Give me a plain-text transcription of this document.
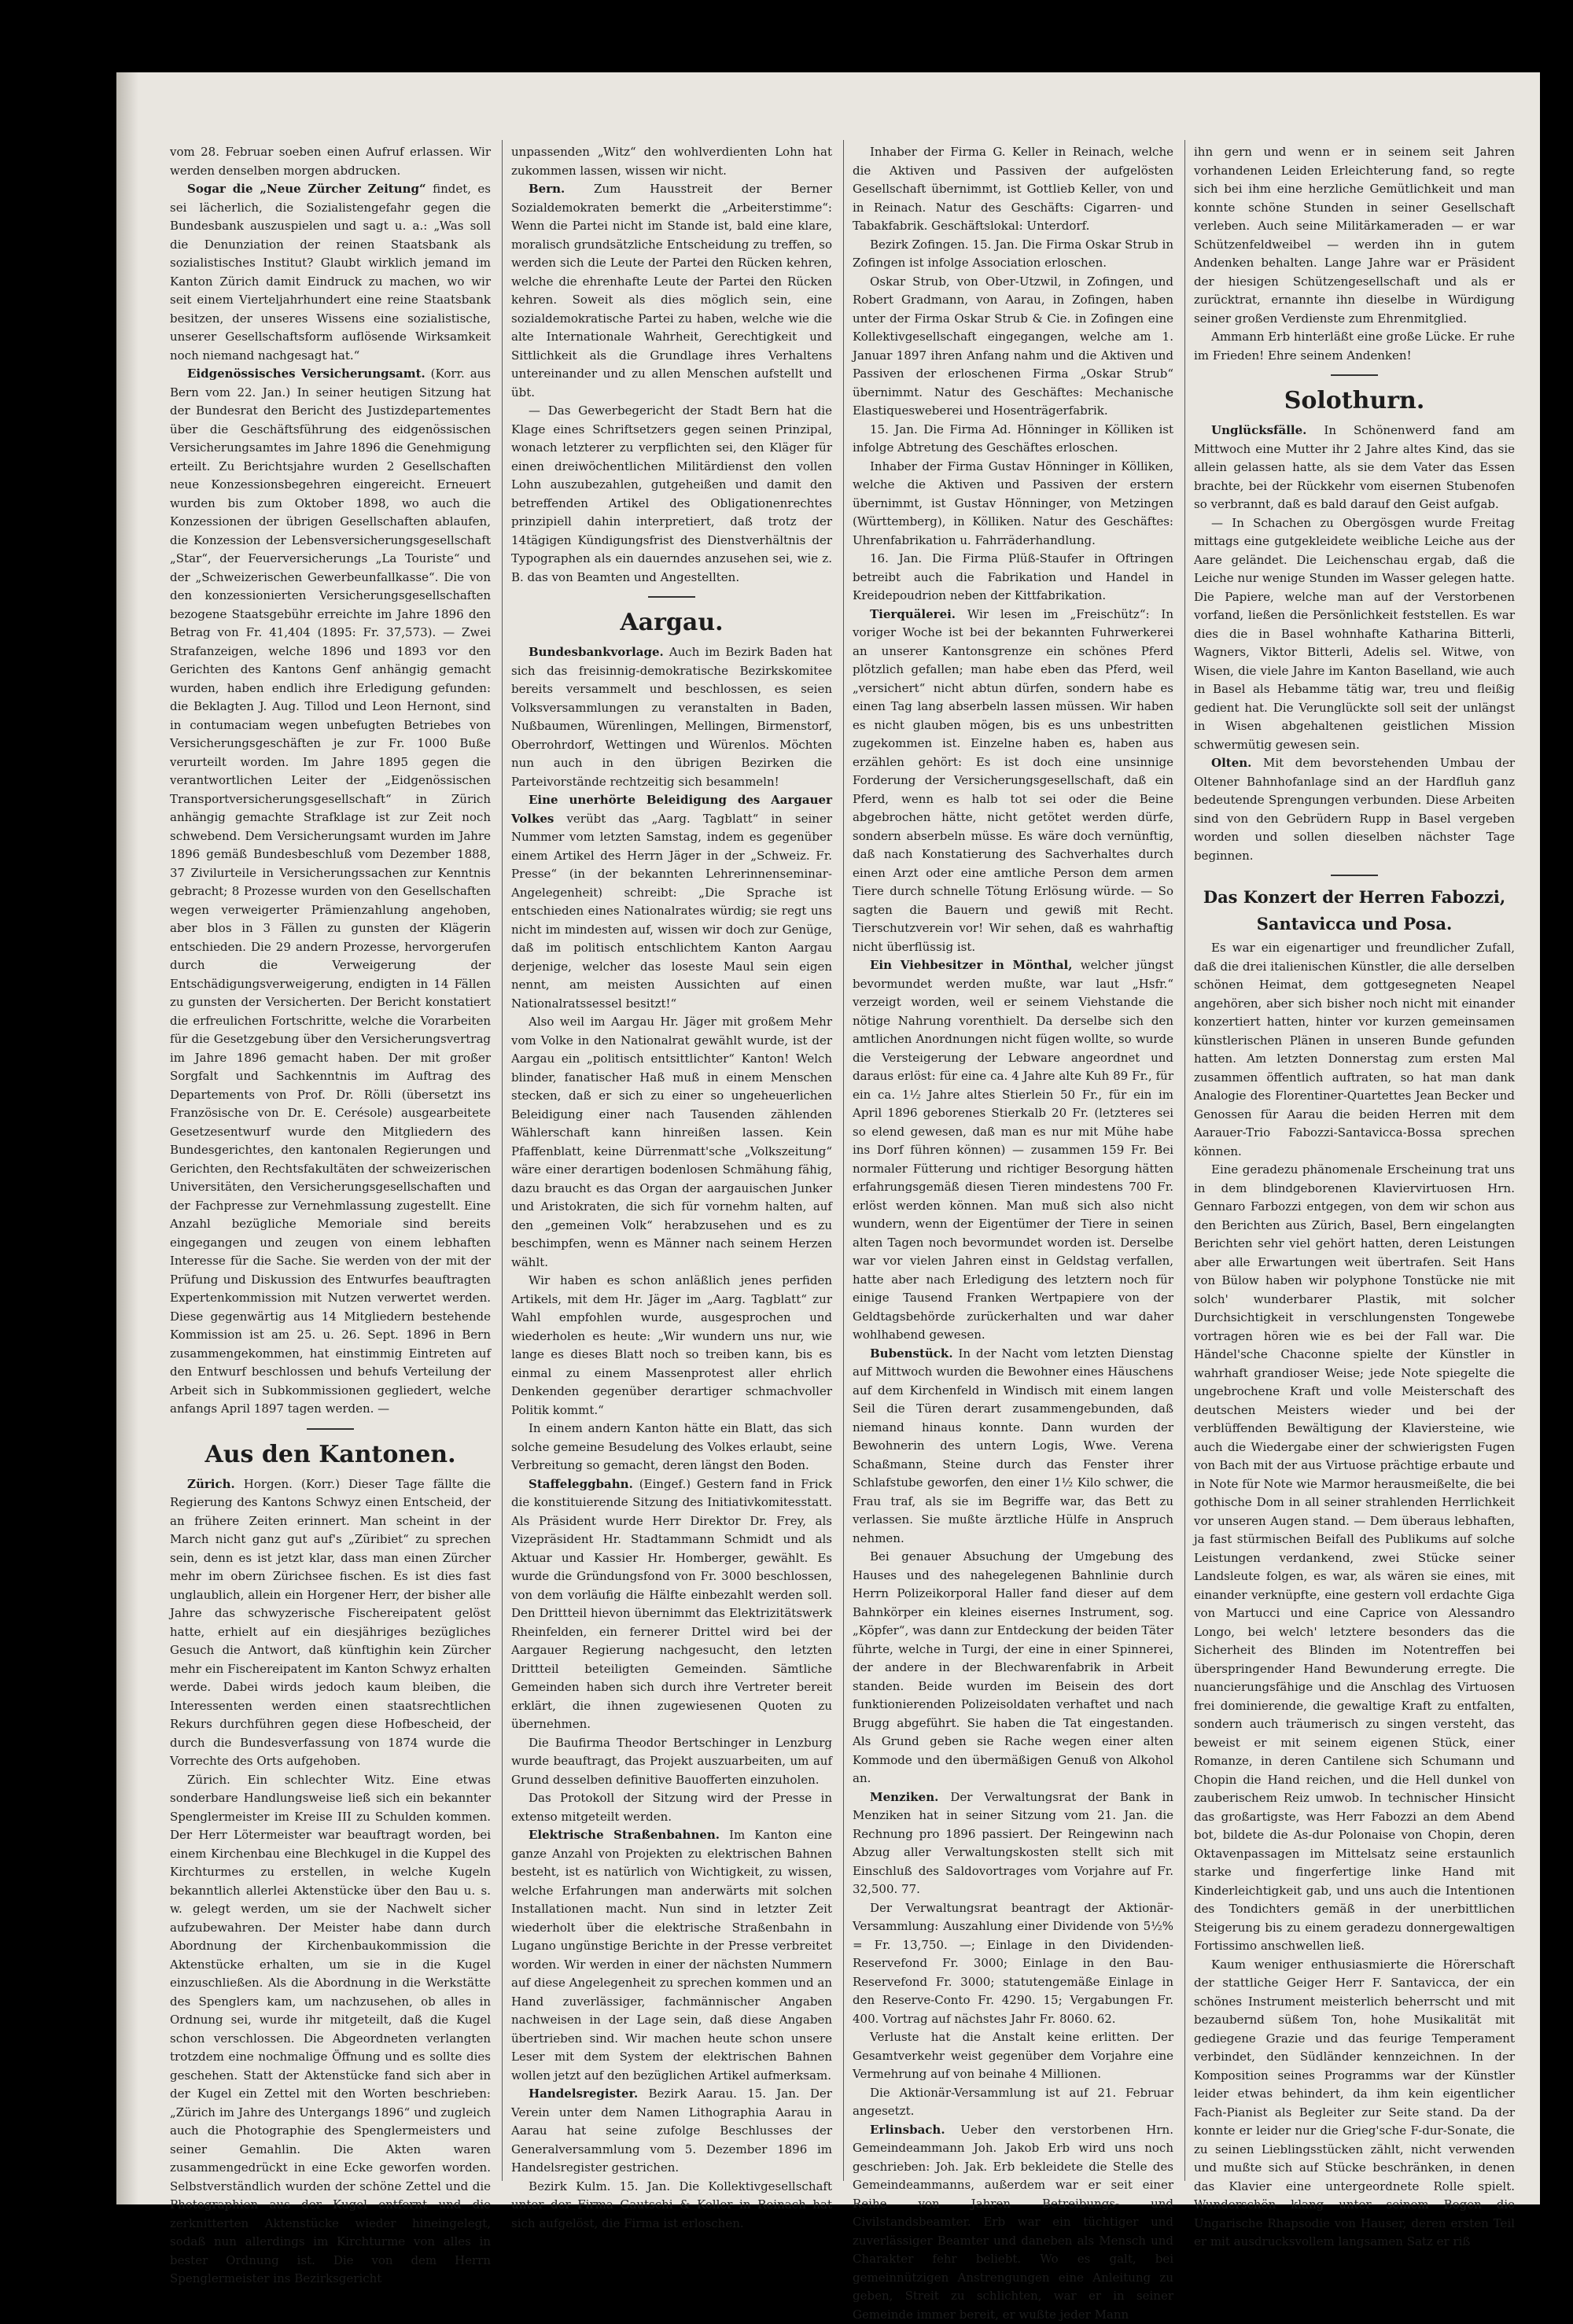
vom 28. Februar soeben einen Aufruf erlassen. Wir werden denselben morgen abdrucken.

Sogar die „Neue Zürcher Zeitung“ findet, es sei lächerlich, die Sozialistengefahr gegen die Bundesbank auszuspielen und sagt u. a.: „Was soll die Denunziation der reinen Staatsbank als sozialistisches Institut? Glaubt wirklich jemand im Kanton Zürich damit Eindruck zu machen, wo wir seit einem Vierteljahrhundert eine reine Staatsbank besitzen, der unseres Wissens eine sozialistische, unserer Gesellschaftsform auflösende Wirksamkeit noch niemand nachgesagt hat.“

Eidgenössisches Versicherungsamt. (Korr. aus Bern vom 22. Jan.) In seiner heutigen Sitzung hat der Bundesrat den Bericht des Justizdepartementes über die Geschäftsführung des eidgenössischen Versicherungsamtes im Jahre 1896 die Genehmigung erteilt. Zu Berichtsjahre wurden 2 Gesellschaften neue Konzessionsbegehren eingereicht. Erneuert wurden bis zum Oktober 1898, wo auch die Konzessionen der übrigen Gesellschaften ablaufen, die Konzession der Lebensversicherungsgesellschaft „Star“, der Feuerversicherungs „La Touriste“ und der „Schweizerischen Gewerbeunfallkasse“. Die von den konzessionierten Versicherungsgesellschaften bezogene Staatsgebühr erreichte im Jahre 1896 den Betrag von Fr. 41,404 (1895: Fr. 37,573). — Zwei Strafanzeigen, welche 1896 und 1893 vor den Gerichten des Kantons Genf anhängig gemacht wurden, haben endlich ihre Erledigung gefunden: die Beklagten J. Aug. Tillod und Leon Hernont, sind in contumaciam wegen unbefugten Betriebes von Versicherungsgeschäften je zur Fr. 1000 Buße verurteilt worden. Im Jahre 1895 gegen die verantwortlichen Leiter der „Eidgenössischen Transportversicherungsgesellschaft“ in Zürich anhängig gemachte Strafklage ist zur Zeit noch schwebend. Dem Versicherungsamt wurden im Jahre 1896 gemäß Bundesbeschluß vom Dezember 1888, 37 Zivilurteile in Versicherungssachen zur Kenntnis gebracht; 8 Prozesse wurden von den Gesellschaften wegen verweigerter Prämienzahlung angehoben, aber blos in 3 Fällen zu gunsten der Klägerin entschieden. Die 29 andern Prozesse, hervorgerufen durch die Verweigerung der Entschädigungsverweigerung, endigten in 14 Fällen zu gunsten der Versicherten. Der Bericht konstatiert die erfreulichen Fortschritte, welche die Vorarbeiten für die Gesetzgebung über den Versicherungsvertrag im Jahre 1896 gemacht haben. Der mit großer Sorgfalt und Sachkenntnis im Auftrag des Departements von Prof. Dr. Rölli (übersetzt ins Französische von Dr. E. Cerésole) ausgearbeitete Gesetzesentwurf wurde den Mitgliedern des Bundesgerichtes, den kantonalen Regierungen und Gerichten, den Rechtsfakultäten der schweizerischen Universitäten, den Versicherungsgesellschaften und der Fachpresse zur Vernehmlassung zugestellt. Eine Anzahl bezügliche Memoriale sind bereits eingegangen und zeugen von einem lebhaften Interesse für die Sache. Sie werden von der mit der Prüfung und Diskussion des Entwurfes beauftragten Expertenkommission mit Nutzen verwertet werden. Diese gegenwärtig aus 14 Mitgliedern bestehende Kommission ist am 25. u. 26. Sept. 1896 in Bern zusammengekommen, hat einstimmig Eintreten auf den Entwurf beschlossen und behufs Verteilung der Arbeit sich in Subkommissionen gegliedert, welche anfangs April 1897 tagen werden. —

Aus den Kantonen.

Zürich. Horgen. (Korr.) Dieser Tage fällte die Regierung des Kantons Schwyz einen Entscheid, der an frühere Zeiten erinnert. Man scheint in der March nicht ganz gut auf's „Züribiet“ zu sprechen sein, denn es ist jetzt klar, dass man einen Zürcher mehr im obern Zürichsee fischen. Es ist dies fast unglaublich, allein ein Horgener Herr, der bisher alle Jahre das schwyzerische Fischereipatent gelöst hatte, erhielt auf ein diesjähriges bezügliches Gesuch die Antwort, daß künftighin kein Zürcher mehr ein Fischereipatent im Kanton Schwyz erhalten werde. Dabei wirds jedoch kaum bleiben, die Interessenten werden einen staatsrechtlichen Rekurs durchführen gegen diese Hofbescheid, der durch die Bundesverfassung von 1874 wurde die Vorrechte des Orts aufgehoben.

Zürich. Ein schlechter Witz. Eine etwas sonderbare Handlungsweise ließ sich ein bekannter Spenglermeister im Kreise III zu Schulden kommen. Der Herr Lötermeister war beauftragt worden, bei einem Kirchenbau eine Blechkugel in die Kuppel des Kirchturmes zu erstellen, in welche Kugeln bekanntlich allerlei Aktenstücke über den Bau u. s. w. gelegt werden, um sie der Nachwelt sicher aufzubewahren. Der Meister habe dann durch Abordnung der Kirchenbaukommission die Aktenstücke erhalten, um sie in die Kugel einzuschließen. Als die Abordnung in die Werkstätte des Spenglers kam, um nachzusehen, ob alles in Ordnung sei, wurde ihr mitgeteilt, daß die Kugel schon verschlossen. Die Abgeordneten verlangten trotzdem eine nochmalige Öffnung und es sollte dies geschehen. Statt der Aktenstücke fand sich aber in der Kugel ein Zettel mit den Worten beschrieben: „Zürich im Jahre des Untergangs 1896“ und zugleich auch die Photographie des Spenglermeisters und seiner Gemahlin. Die Akten waren zusammengedrückt in eine Ecke geworfen worden. Selbstverständlich wurden der schöne Zettel und die Photographien aus der Kugel entfernt und die zerknitterten Aktenstücke wieder hineingelegt, sodaß nun allerdings im Kirchturme von alles in bester Ordnung ist. Die von dem Herrn Spenglermeister ins Bezirksgericht

unpassenden „Witz“ den wohlverdienten Lohn hat zukommen lassen, wissen wir nicht.

Bern. Zum Hausstreit der Berner Sozialdemokraten bemerkt die „Arbeiterstimme“: Wenn die Partei nicht im Stande ist, bald eine klare, moralisch grundsätzliche Entscheidung zu treffen, so werden sich die Leute der Partei den Rücken kehren, welche die ehrenhafte Leute der Partei den Rücken kehren. Soweit als dies möglich sein, eine sozialdemokratische Partei zu haben, welche wie die alte Internationale Wahrheit, Gerechtigkeit und Sittlichkeit als die Grundlage ihres Verhaltens untereinander und zu allen Menschen aufstellt und übt.

— Das Gewerbegericht der Stadt Bern hat die Klage eines Schriftsetzers gegen seinen Prinzipal, wonach letzterer zu verpflichten sei, den Kläger für einen dreiwöchentlichen Militärdienst den vollen Lohn auszubezahlen, gutgeheißen und damit den betreffenden Artikel des Obligationenrechtes prinzipiell dahin interpretiert, daß trotz der 14tägigen Kündigungsfrist des Dienstverhältnis der Typographen als ein dauerndes anzusehen sei, wie z. B. das von Beamten und Angestellten.

Aargau.

Bundesbankvorlage. Auch im Bezirk Baden hat sich das freisinnig-demokratische Bezirkskomitee bereits versammelt und beschlossen, es seien Volksversammlungen zu veranstalten in Baden, Nußbaumen, Würenlingen, Mellingen, Birmenstorf, Oberrohrdorf, Wettingen und Würenlos. Möchten nun auch in den übrigen Bezirken die Parteivorstände rechtzeitig sich besammeln!

Eine unerhörte Beleidigung des Aargauer Volkes verübt das „Aarg. Tagblatt“ in seiner Nummer vom letzten Samstag, indem es gegenüber einem Artikel des Herrn Jäger in der „Schweiz. Fr. Presse“ (in der bekannten Lehrerinnenseminar-Angelegenheit) schreibt: „Die Sprache ist entschieden eines Nationalrates würdig; sie regt uns nicht im mindesten auf, wissen wir doch zur Genüge, daß im politisch entschlichtem Kanton Aargau derjenige, welcher das loseste Maul sein eigen nennt, am meisten Aussichten auf einen Nationalratssessel besitzt!“

Also weil im Aargau Hr. Jäger mit großem Mehr vom Volke in den Nationalrat gewählt wurde, ist der Aargau ein „politisch entsittlichter“ Kanton! Welch blinder, fanatischer Haß muß in einem Menschen stecken, daß er sich zu einer so ungeheuerlichen Beleidigung einer nach Tausenden zählenden Wählerschaft kann hinreißen lassen. Kein Pfaffenblatt, keine Dürrenmatt'sche „Volkszeitung“ wäre einer derartigen bodenlosen Schmähung fähig, dazu braucht es das Organ der aargauischen Junker und Aristokraten, die sich für vornehm halten, auf den „gemeinen Volk“ herabzusehen und es zu beschimpfen, wenn es Männer nach seinem Herzen wählt.

Wir haben es schon anläßlich jenes perfiden Artikels, mit dem Hr. Jäger im „Aarg. Tagblatt“ zur Wahl empfohlen wurde, ausgesprochen und wiederholen es heute: „Wir wundern uns nur, wie lange es dieses Blatt noch so treiben kann, bis es einmal zu einem Massenprotest aller ehrlich Denkenden gegenüber derartiger schmachvoller Politik kommt.“

In einem andern Kanton hätte ein Blatt, das sich solche gemeine Besudelung des Volkes erlaubt, seine Verbreitung so gemacht, deren längst den Boden.

Staffeleggbahn. (Eingef.) Gestern fand in Frick die konstituierende Sitzung des Initiativkomitesstatt. Als Präsident wurde Herr Direktor Dr. Frey, als Vizepräsident Hr. Stadtammann Schmidt und als Aktuar und Kassier Hr. Homberger, gewählt. Es wurde die Gründungsfond von Fr. 3000 beschlossen, von dem vorläufig die Hälfte einbezahlt werden soll. Den Drittteil hievon übernimmt das Elektrizitätswerk Rheinfelden, ein fernerer Drittel wird bei der Aargauer Regierung nachgesucht, den letzten Drittteil beteiligten Gemeinden. Sämtliche Gemeinden haben sich durch ihre Vertreter bereit erklärt, die ihnen zugewiesenen Quoten zu übernehmen.

Die Baufirma Theodor Bertschinger in Lenzburg wurde beauftragt, das Projekt auszuarbeiten, um auf Grund desselben definitive Bauofferten einzuholen.

Das Protokoll der Sitzung wird der Presse in extenso mitgeteilt werden.

Elektrische Straßenbahnen. Im Kanton eine ganze Anzahl von Projekten zu elektrischen Bahnen besteht, ist es natürlich von Wichtigkeit, zu wissen, welche Erfahrungen man anderwärts mit solchen Installationen macht. Nun sind in letzter Zeit wiederholt über die elektrische Straßenbahn in Lugano ungünstige Berichte in der Presse verbreitet worden. Wir werden in einer der nächsten Nummern auf diese Angelegenheit zu sprechen kommen und an Hand zuverlässiger, fachmännischer Angaben nachweisen in der Lage sein, daß diese Angaben übertrieben sind. Wir machen heute schon unsere Leser mit dem System der elektrischen Bahnen wollen jetzt auf den bezüglichen Artikel aufmerksam.

Handelsregister. Bezirk Aarau. 15. Jan. Der Verein unter dem Namen Lithographia Aarau in Aarau hat seine zufolge Beschlusses der Generalversammlung vom 5. Dezember 1896 im Handelsregister gestrichen.

Bezirk Kulm. 15. Jan. Die Kollektivgesellschaft unter der Firma Gautschi & Keller in Reinach hat sich aufgelöst, die Firma ist erloschen.

Inhaber der Firma G. Keller in Reinach, welche die Aktiven und Passiven der aufgelösten Gesellschaft übernimmt, ist Gottlieb Keller, von und in Reinach. Natur des Geschäfts: Cigarren- und Tabakfabrik. Geschäftslokal: Unterdorf.

Bezirk Zofingen. 15. Jan. Die Firma Oskar Strub in Zofingen ist infolge Association erloschen.

Oskar Strub, von Ober-Utzwil, in Zofingen, und Robert Gradmann, von Aarau, in Zofingen, haben unter der Firma Oskar Strub & Cie. in Zofingen eine Kollektivgesellschaft eingegangen, welche am 1. Januar 1897 ihren Anfang nahm und die Aktiven und Passiven der erloschenen Firma „Oskar Strub“ übernimmt. Natur des Geschäftes: Mechanische Elastiquesweberei und Hosenträgerfabrik.

15. Jan. Die Firma Ad. Hönninger in Kölliken ist infolge Abtretung des Geschäftes erloschen.

Inhaber der Firma Gustav Hönninger in Kölliken, welche die Aktiven und Passiven der erstern übernimmt, ist Gustav Hönninger, von Metzingen (Württemberg), in Kölliken. Natur des Geschäftes: Uhrenfabrikation u. Fahrräderhandlung.

16. Jan. Die Firma Plüß-Staufer in Oftringen betreibt auch die Fabrikation und Handel in Kreidepoudrion neben der Kittfabrikation.

Tierquälerei. Wir lesen im „Freischütz“: In voriger Woche ist bei der bekannten Fuhrwerkerei an unserer Kantonsgrenze ein schönes Pferd plötzlich gefallen; man habe eben das Pferd, weil „versichert“ nicht abtun dürfen, sondern habe es einen Tag lang abserbeln lassen müssen. Wir haben es nicht glauben mögen, bis es uns unbestritten zugekommen ist. Einzelne haben es, haben aus erzählen gehört: Es ist doch eine unsinnige Forderung der Versicherungsgesellschaft, daß ein Pferd, wenn es halb tot sei oder die Beine abgebrochen hätte, nicht getötet werden dürfe, sondern abserbeln müsse. Es wäre doch vernünftig, daß nach Konstatierung des Sachverhaltes durch einen Arzt oder eine amtliche Person dem armen Tiere durch schnelle Tötung Erlösung würde. — So sagten die Bauern und gewiß mit Recht. Tierschutzverein vor! Wir sehen, daß es wahrhaftig nicht überflüssig ist.

Ein Viehbesitzer in Mönthal, welcher jüngst bevormundet werden mußte, war laut „Hsfr.“ verzeigt worden, weil er seinem Viehstande die nötige Nahrung vorenthielt. Da derselbe sich den amtlichen Anordnungen nicht fügen wollte, so wurde die Versteigerung der Lebware angeordnet und daraus erlöst: für eine ca. 4 Jahre alte Kuh 89 Fr., für ein ca. 1½ Jahre altes Stierlein 50 Fr., für ein im April 1896 geborenes Stierkalb 20 Fr. (letzteres sei so elend gewesen, daß man es nur mit Mühe habe ins Dorf führen können) — zusammen 159 Fr. Bei normaler Fütterung und richtiger Besorgung hätten erfahrungsgemäß diesen Tieren mindestens 700 Fr. erlöst werden können. Man muß sich also nicht wundern, wenn der Eigentümer der Tiere in seinen alten Tagen noch bevormundet worden ist. Derselbe war vor vielen Jahren einst in Geldstag verfallen, hatte aber nach Erledigung des letztern noch für einige Tausend Franken Wertpapiere von der Geldtagsbehörde zurückerhalten und war daher wohlhabend gewesen.

Bubenstück. In der Nacht vom letzten Dienstag auf Mittwoch wurden die Bewohner eines Häuschens auf dem Kirchenfeld in Windisch mit einem langen Seil die Türen derart zusammengebunden, daß niemand hinaus konnte. Dann wurden der Bewohnerin des untern Logis, Wwe. Verena Schaßmann, Steine durch das Fenster ihrer Schlafstube geworfen, den einer 1½ Kilo schwer, die Frau traf, als sie im Begriffe war, das Bett zu verlassen. Sie mußte ärztliche Hülfe in Anspruch nehmen.

Bei genauer Absuchung der Umgebung des Hauses und des nahegelegenen Bahnlinie durch Herrn Polizeikorporal Haller fand dieser auf dem Bahnkörper ein kleines eisernes Instrument, sog. „Köpfer“, was dann zur Entdeckung der beiden Täter führte, welche in Turgi, der eine in einer Spinnerei, der andere in der Blechwarenfabrik in Arbeit standen. Beide wurden im Beisein des dort funktionierenden Polizeisoldaten verhaftet und nach Brugg abgeführt. Sie haben die Tat eingestanden. Als Grund geben sie Rache wegen einer alten Kommode und den übermäßigen Genuß von Alkohol an.

Menziken. Der Verwaltungsrat der Bank in Menziken hat in seiner Sitzung vom 21. Jan. die Rechnung pro 1896 passiert. Der Reingewinn nach Abzug aller Verwaltungskosten stellt sich mit Einschluß des Saldovortrages vom Vorjahre auf Fr. 32,500. 77.

Der Verwaltungsrat beantragt der Aktionär-Versammlung: Auszahlung einer Dividende von 5½% = Fr. 13,750. —; Einlage in den Dividenden-Reservefond Fr. 3000; Einlage in den Bau-Reservefond Fr. 3000; statutengemäße Einlage in den Reserve-Conto Fr. 4290. 15; Vergabungen Fr. 400. Vortrag auf nächstes Jahr Fr. 8060. 62.

Verluste hat die Anstalt keine erlitten. Der Gesamtverkehr weist gegenüber dem Vorjahre eine Vermehrung auf von beinahe 4 Millionen.

Die Aktionär-Versammlung ist auf 21. Februar angesetzt.

Erlinsbach. Ueber den verstorbenen Hrn. Gemeindeammann Joh. Jakob Erb wird uns noch geschrieben: Joh. Jak. Erb bekleidete die Stelle des Gemeindeammanns, außerdem war er seit einer Reihe von Jahren Betreibungs- und Civilstandsbeamter. Erb war ein tüchtiger und zuverlässiger Beamter und daneben als Mensch und Charakter fehr beliebt. Wo es galt, bei gemeinnützigen Anstrengungen eine Anleitung zu geben, Streit zu schlichten, war er in seiner Gemeinde immer bereit, er wußte jeder Mann

ihn gern und wenn er in seinem seit Jahren vorhandenen Leiden Erleichterung fand, so regte sich bei ihm eine herzliche Gemütlichkeit und man konnte schöne Stunden in seiner Gesellschaft verleben. Auch seine Militärkameraden — er war Schützenfeldweibel — werden ihn in gutem Andenken behalten. Lange Jahre war er Präsident der hiesigen Schützengesellschaft und als er zurücktrat, ernannte ihn dieselbe in Würdigung seiner großen Verdienste zum Ehrenmitglied.

Ammann Erb hinterläßt eine große Lücke. Er ruhe im Frieden! Ehre seinem Andenken!

Solothurn.

Unglücksfälle. In Schönenwerd fand am Mittwoch eine Mutter ihr 2 Jahre altes Kind, das sie allein gelassen hatte, als sie dem Vater das Essen brachte, bei der Rückkehr vom eisernen Stubenofen so verbrannt, daß es bald darauf den Geist aufgab.

— In Schachen zu Obergösgen wurde Freitag mittags eine gutgekleidete weibliche Leiche aus der Aare geländet. Die Leichenschau ergab, daß die Leiche nur wenige Stunden im Wasser gelegen hatte. Die Papiere, welche man auf der Verstorbenen vorfand, ließen die Persönlichkeit feststellen. Es war dies die in Basel wohnhafte Katharina Bitterli, Wagners, Viktor Bitterli, Adelis sel. Witwe, von Wisen, die viele Jahre im Kanton Baselland, wie auch in Basel als Hebamme tätig war, treu und fleißig gedient hat. Die Verunglückte soll seit der unlängst in Wisen abgehaltenen geistlichen Mission schwermütig gewesen sein.

Olten. Mit dem bevorstehenden Umbau der Oltener Bahnhofanlage sind an der Hardfluh ganz bedeutende Sprengungen verbunden. Diese Arbeiten sind von den Gebrüdern Rupp in Basel vergeben worden und sollen dieselben nächster Tage beginnen.

Das Konzert der Herren Fabozzi,
Santavicca und Posa.

Es war ein eigenartiger und freundlicher Zufall, daß die drei italienischen Künstler, die alle derselben schönen Heimat, dem gottgesegneten Neapel angehören, aber sich bisher noch nicht mit einander konzertiert hatten, hinter vor kurzen gemeinsamen künstlerischen Plänen in unseren Bunde gefunden hatten. Am letzten Donnerstag zum ersten Mal zusammen öffentlich auftraten, so hat man dank Analogie des Florentiner-Quartettes Jean Becker und Genossen für Aarau die beiden Herren mit dem Aarauer-Trio Fabozzi-Santavicca-Bossa sprechen können.

Eine geradezu phänomenale Erscheinung trat uns in dem blindgeborenen Klaviervirtuosen Hrn. Gennaro Farbozzi entgegen, von dem wir schon aus den Berichten aus Zürich, Basel, Bern eingelangten Berichten sehr viel gehört hatten, deren Leistungen aber alle Erwartungen weit übertrafen. Seit Hans von Bülow haben wir polyphone Tonstücke nie mit solch' wunderbarer Plastik, mit solcher Durchsichtigkeit in verschlungensten Tongewebe vortragen hören wie es bei der Fall war. Die Händel'sche Chaconne spielte der Künstler in wahrhaft grandioser Weise; jede Note spiegelte die ungebrochene Kraft und volle Meisterschaft des deutschen Meisters wieder und bei der verblüffenden Bewältigung der Klaviersteine, wie auch die Wiedergabe einer der schwierigsten Fugen von Bach mit der aus Virtuose prächtige erbaute und in Note für Note wie Marmor herausmeißelte, die bei gothische Dom in all seiner strahlenden Herrlichkeit vor unseren Augen stand. — Dem überaus lebhaften, ja fast stürmischen Beifall des Publikums auf solche Leistungen verdankend, zwei Stücke seiner Landsleute folgen, es war, als wären sie eines, mit einander verknüpfte, eine gestern voll erdachte Giga von Martucci und eine Caprice von Alessandro Longo, bei welch' letztere besonders das die Sicherheit des Blinden im Notentreffen bei überspringender Hand Bewunderung erregte. Die nuancierungsfähige und die Anschlag des Virtuosen frei dominierende, die gewaltige Kraft zu entfalten, sondern auch träumerisch zu singen versteht, das beweist er mit seinem eigenen Stück, einer Romanze, in deren Cantilene sich Schumann und Chopin die Hand reichen, und die Hell dunkel von zauberischem Reiz umwob. In technischer Hinsicht das großartigste, was Herr Fabozzi an dem Abend bot, bildete die As-dur Polonaise von Chopin, deren Oktavenpassagen im Mittelsatz seine erstaunlich starke und fingerfertige linke Hand mit Kinderleichtigkeit gab, und uns auch die Intentionen des Tondichters gemäß in der unerbittlichen Steigerung bis zu einem geradezu donnergewaltigen Fortissimo anschwellen ließ.

Kaum weniger enthusiasmierte die Hörerschaft der stattliche Geiger Herr F. Santavicca, der ein schönes Instrument meisterlich beherrscht und mit bezaubernd süßem Ton, hohe Musikalität mit gediegene Grazie und das feurige Temperament verbindet, den Südländer kennzeichnen. In der Komposition seines Programms war der Künstler leider etwas behindert, da ihm kein eigentlicher Fach-Pianist als Begleiter zur Seite stand. Da der konnte er leider nur die Grieg'sche F-dur-Sonate, die zu seinen Lieblingsstücken zählt, nicht verwenden und mußte sich auf Stücke beschränken, in denen das Klavier eine untergeordnete Rolle spielt. Wunderschön klang unter seinem Bogen die Ungarische Rhapsodie von Hauser, deren ersten Teil er mit ausdrucksvollem langsamen Satz er riß
